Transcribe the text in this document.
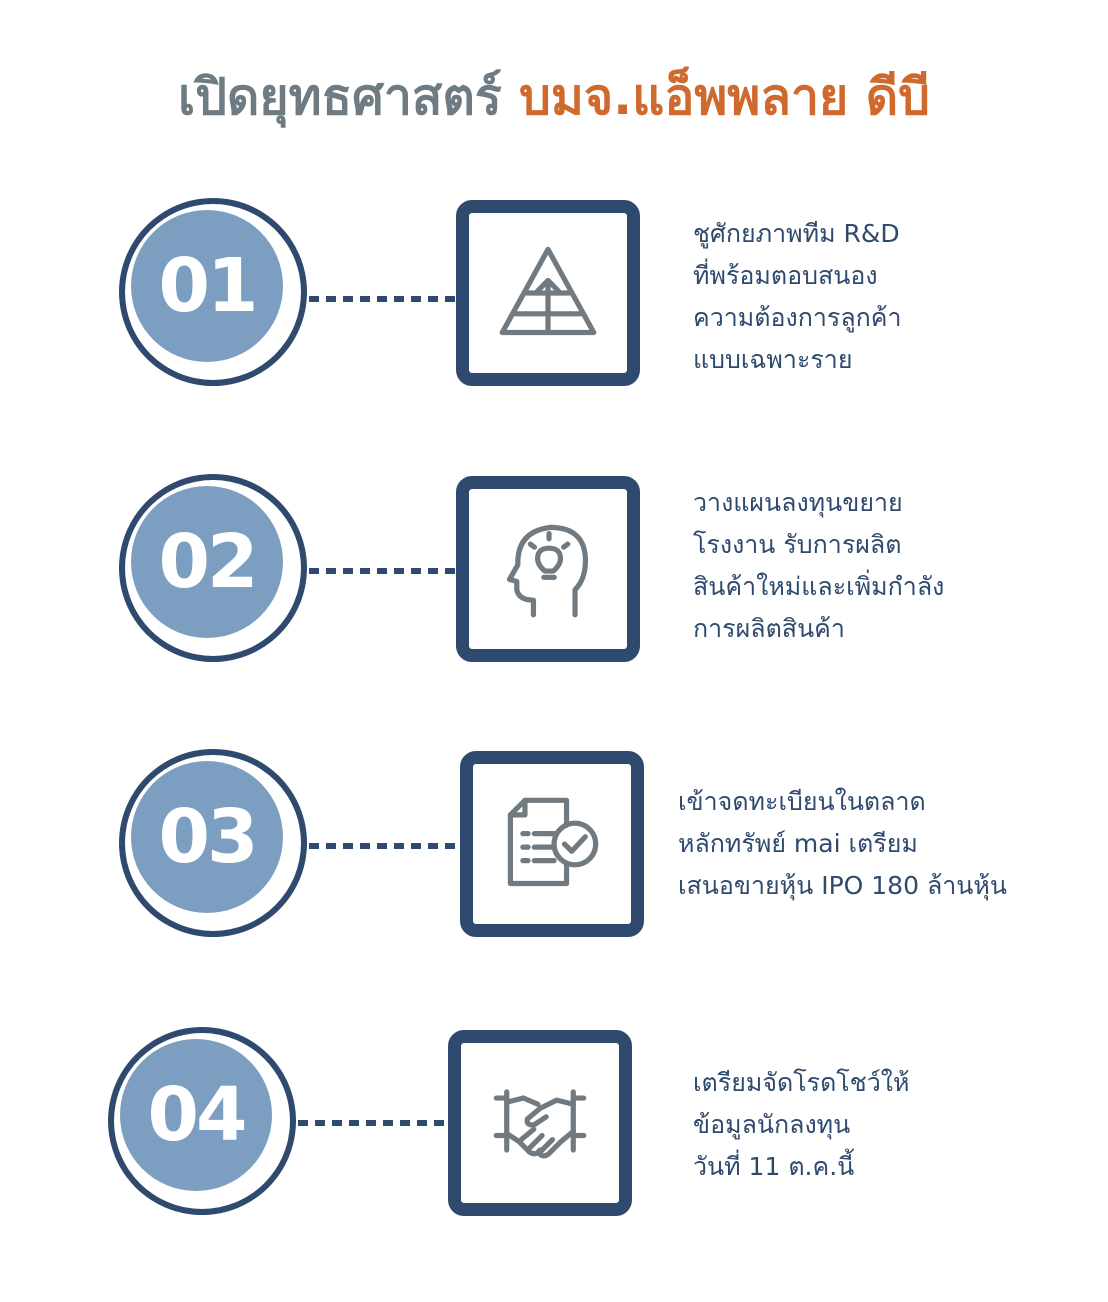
เปิดยุทธศาสตร์ บมจ.แอ็พพลาย ดีบี
01
ชูศักยภาพทีม R&D
ที่พร้อมตอบสนอง
ความต้องการลูกค้า
แบบเฉพาะราย
02
วางแผนลงทุนขยาย
โรงงาน รับการผลิต
สินค้าใหม่และเพิ่มกำลัง
การผลิตสินค้า
03	เข้าจดทะเบียนในตลาด
หลักทรัพย์ mai เตรียม
เสนอขายหุ้น IPO 180 ล้านหุ้น
04	เตรียมจัดโรดโชว์ให้
ข้อมูลนักลงทุน
วันที่ 11 ต.ค.นี้
